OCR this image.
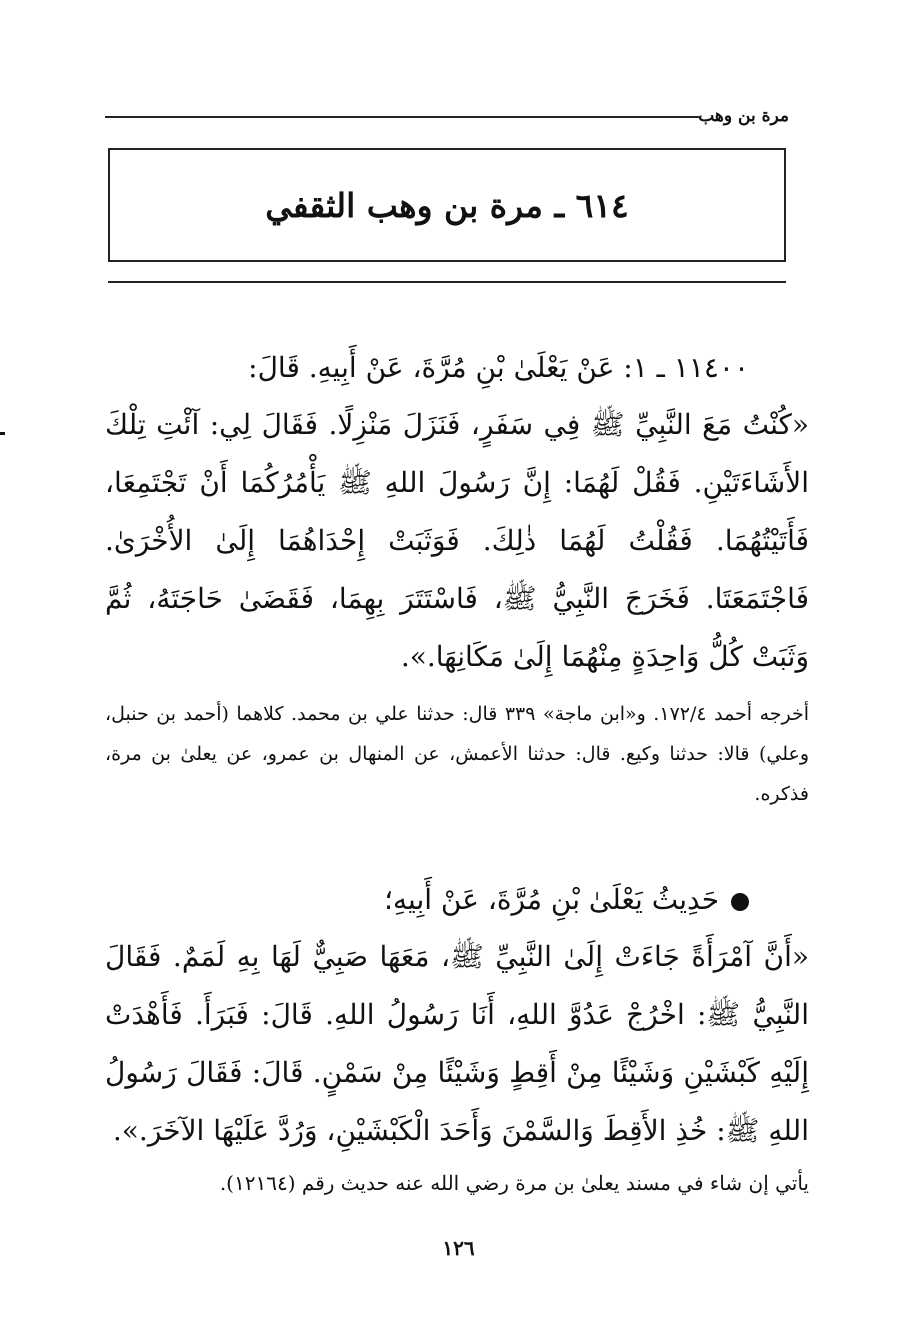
مرة بن وهب
٦١٤ ـ مرة بن وهب الثقفي
١١٤٠٠ ـ ١: عَنْ يَعْلَىٰ بْنِ مُرَّةَ، عَنْ أَبِيهِ. قَالَ:
«كُنْتُ مَعَ النَّبِيِّ ﷺ فِي سَفَرٍ، فَنَزَلَ مَنْزِلًا. فَقَالَ لِي: آئْتِ تِلْكَ الأَشَاءَتَيْنِ. فَقُلْ لَهُمَا: إِنَّ رَسُولَ اللهِ ﷺ يَأْمُرُكُمَا أَنْ تَجْتَمِعَا، فَأَتَيْتُهُمَا. فَقُلْتُ لَهُمَا ذٰلِكَ. فَوَثَبَتْ إِحْدَاهُمَا إِلَىٰ الأُخْرَىٰ. فَاجْتَمَعَتَا. فَخَرَجَ النَّبِيُّ ﷺ، فَاسْتَتَرَ بِهِمَا، فَقَضَىٰ حَاجَتَهُ، ثُمَّ وَثَبَتْ كُلُّ وَاحِدَةٍ مِنْهُمَا إِلَىٰ مَكَانِهَا.».
أخرجه أحمد ١٧٢/٤. و«ابن ماجة» ٣٣٩ قال: حدثنا علي بن محمد. كلاهما (أحمد بن حنبل، وعلي) قالا: حدثنا وكيع. قال: حدثنا الأعمش، عن المنهال بن عمرو، عن يعلىٰ بن مرة، فذكره.
حَدِيثُ يَعْلَىٰ بْنِ مُرَّةَ، عَنْ أَبِيهِ؛
«أَنَّ آمْرَأَةً جَاءَتْ إِلَىٰ النَّبِيِّ ﷺ، مَعَهَا صَبِيٌّ لَهَا بِهِ لَمَمٌ. فَقَالَ النَّبِيُّ ﷺ: اخْرُجْ عَدُوَّ اللهِ، أَنَا رَسُولُ اللهِ. قَالَ: فَبَرَأَ. فَأَهْدَتْ إِلَيْهِ كَبْشَيْنِ وَشَيْئًا مِنْ أَقِطٍ وَشَيْئًا مِنْ سَمْنٍ. قَالَ: فَقَالَ رَسُولُ اللهِ ﷺ: خُذِ الأَقِطَ وَالسَّمْنَ وَأَحَدَ الْكَبْشَيْنِ، وَرُدَّ عَلَيْهَا الآخَرَ.».
يأتي إن شاء في مسند يعلىٰ بن مرة رضي الله عنه حديث رقم (١٢١٦٤).
١٢٦
